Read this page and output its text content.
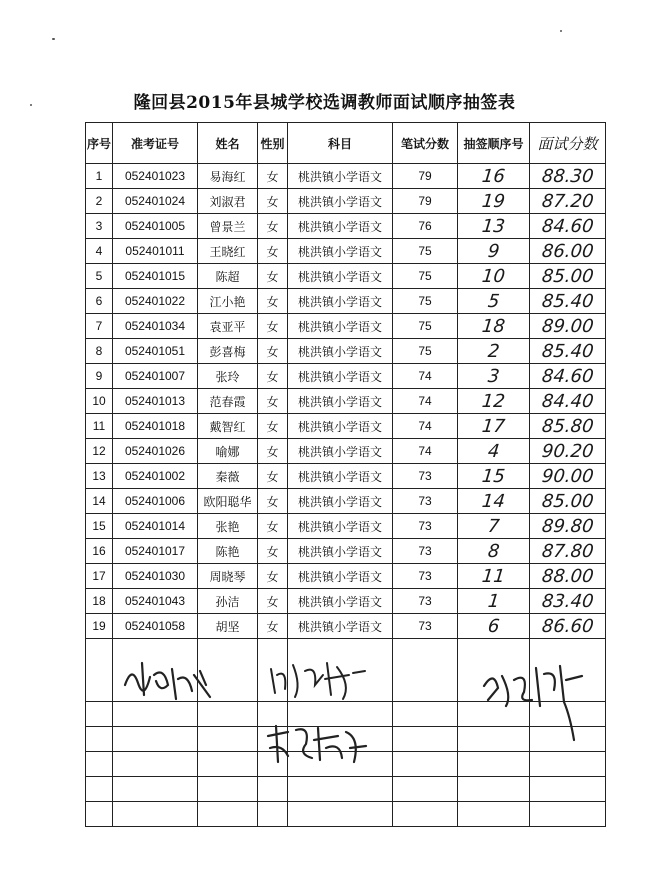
隆回县2015年县城学校选调教师面试顺序抽签表
序号	准考证号	姓名	性别	科目	笔试分数	抽签顺序号	面试分数
1	052401023	易海红	女	桃洪镇小学语文	79	16	88.30
2	052401024	刘淑君	女	桃洪镇小学语文	79	19	87.20
3	052401005	曾景兰	女	桃洪镇小学语文	76	13	84.60
4	052401011	王晓红	女	桃洪镇小学语文	75	9	86.00
5	052401015	陈超	女	桃洪镇小学语文	75	10	85.00
6	052401022	江小艳	女	桃洪镇小学语文	75	5	85.40
7	052401034	袁亚平	女	桃洪镇小学语文	75	18	89.00
8	052401051	彭喜梅	女	桃洪镇小学语文	75	2	85.40
9	052401007	张玲	女	桃洪镇小学语文	74	3	84.60
10	052401013	范春霞	女	桃洪镇小学语文	74	12	84.40
11	052401018	戴智红	女	桃洪镇小学语文	74	17	85.80
12	052401026	喻娜	女	桃洪镇小学语文	74	4	90.20
13	052401002	秦薇	女	桃洪镇小学语文	73	15	90.00
14	052401006	欧阳聪华	女	桃洪镇小学语文	73	14	85.00
15	052401014	张艳	女	桃洪镇小学语文	73	7	89.80
16	052401017	陈艳	女	桃洪镇小学语文	73	8	87.80
17	052401030	周晓琴	女	桃洪镇小学语文	73	11	88.00
18	052401043	孙洁	女	桃洪镇小学语文	73	1	83.40
19	052401058	胡坚	女	桃洪镇小学语文	73	6	86.60
